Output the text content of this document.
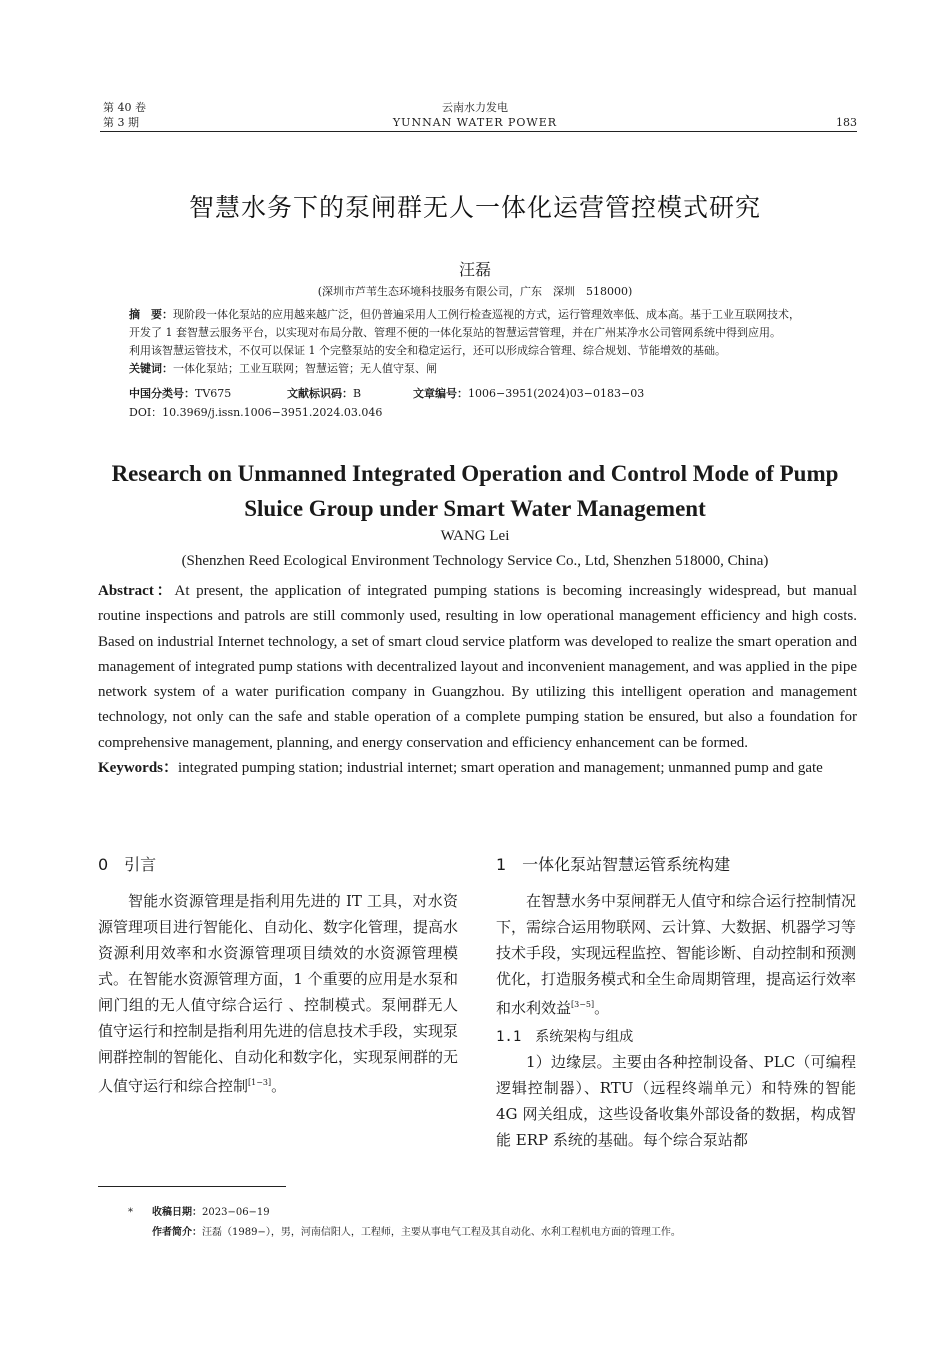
第 40 卷
第 3 期
云南水力发电
YUNNAN WATER POWER	183
智慧水务下的泵闸群无人一体化运营管控模式研究
汪磊
(深圳市芦苇生态环境科技服务有限公司，广东　深圳　518000)

摘　要：现阶段一体化泵站的应用越来越广泛，但仍普遍采用人工例行检查巡视的方式，运行管理效率低、成本高。基于工业互联网技术，

开发了 1 套智慧云服务平台，以实现对布局分散、管理不便的一体化泵站的智慧运营管理，并在广州某净水公司管网系统中得到应用。

利用该智慧运管技术，不仅可以保证 1 个完整泵站的安全和稳定运行，还可以形成综合管理、综合规划、节能增效的基础。

关键词：一体化泵站；工业互联网；智慧运管；无人值守泵、闸

中国分类号：TV675	文献标识码：B	文章编号：1006−3951(2024)03−0183−03
DOI：10.3969/j.issn.1006−3951.2024.03.046
Research on Unmanned Integrated Operation and Control Mode of Pump
Sluice Group under Smart Water Management
WANG Lei
(Shenzhen Reed Ecological Environment Technology Service Co., Ltd, Shenzhen 518000, China)

Abstract：At present, the application of integrated pumping stations is becoming increasingly widespread, but manual routine inspections and patrols are still commonly used, resulting in low operational management efficiency and high costs. Based on industrial Internet technology, a set of smart cloud service platform was developed to realize the smart operation and management of integrated pump stations with decentralized layout and inconvenient management, and was applied in the pipe network system of a water purification company in Guangzhou. By utilizing this intelligent operation and management technology, not only can the safe and stable operation of a complete pumping station be ensured, but also a foundation for comprehensive management, planning, and energy conservation and efficiency enhancement can be formed.

Keywords：integrated pumping station; industrial internet; smart operation and management; unmanned pump and gate

0　引言

智能水资源管理是指利用先进的 IT 工具，对水资源管理项目进行智能化、自动化、数字化管理，提高水资源利用效率和水资源管理项目绩效的水资源管理模式。在智能水资源管理方面，1 个重要的应用是水泵和闸门组的无人值守综合运行 、控制模式。泵闸群无人值守运行和控制是指利用先进的信息技术手段，实现泵闸群控制的智能化、自动化和数字化，实现泵闸群的无人值守运行和综合控制[1−3]。

1　一体化泵站智慧运管系统构建

在智慧水务中泵闸群无人值守和综合运行控制情况下，需综合运用物联网、云计算、大数据、机器学习等技术手段，实现远程监控、智能诊断、自动控制和预测优化，打造服务模式和全生命周期管理，提高运行效率和水利效益[3−5]。

1.1　系统架构与组成

1）边缘层。主要由各种控制设备、PLC（可编程逻辑控制器）、RTU（远程终端单元）和特殊的智能 4G 网关组成，这些设备收集外部设备的数据，构成智能 ERP 系统的基础。每个综合泵站都

* 收稿日期：2023−06−19
作者简介：汪磊（1989−），男，河南信阳人，工程师，主要从事电气工程及其自动化、水利工程机电方面的管理工作。
